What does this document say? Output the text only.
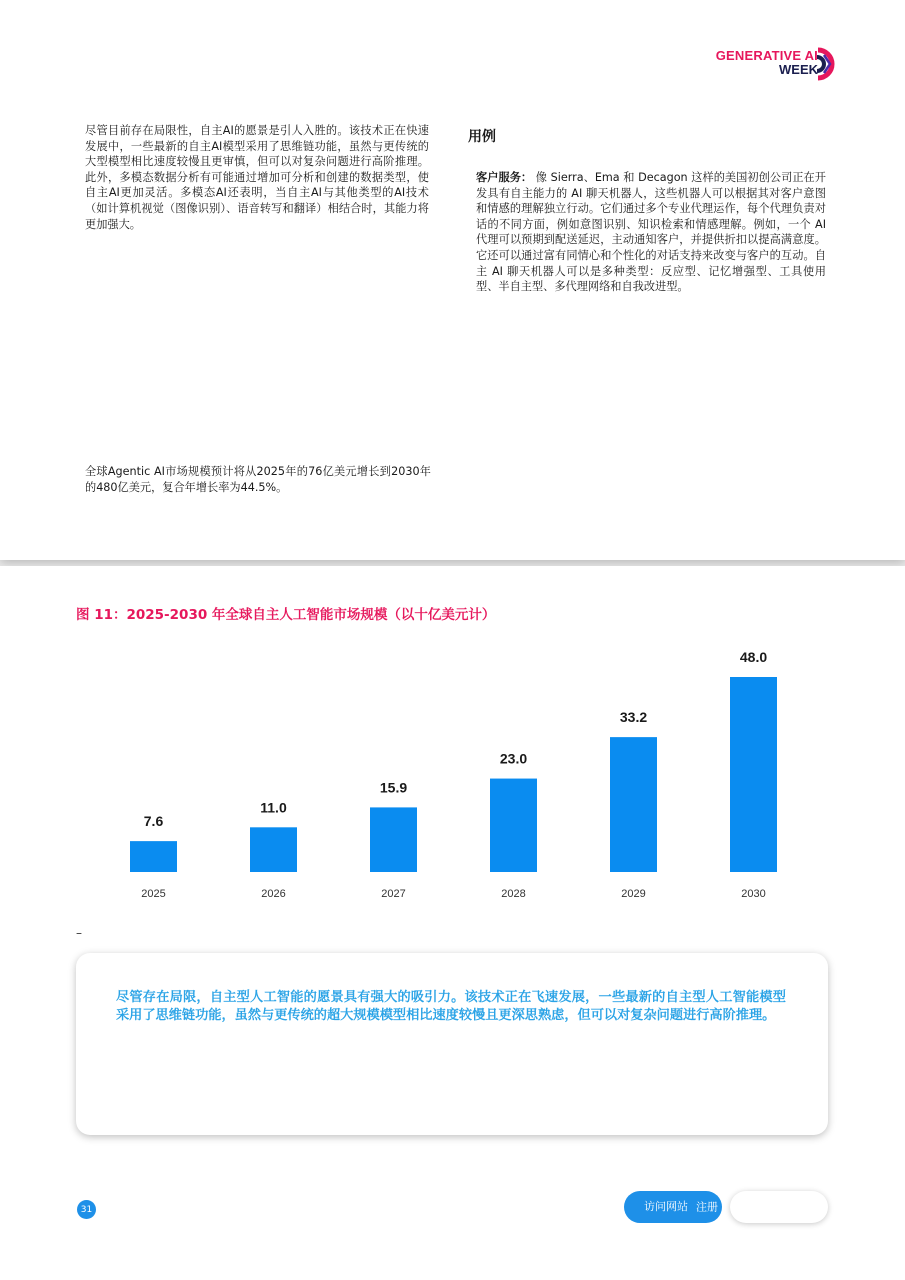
GENERATIVE AI
WEEK

尽管目前存在局限性，自主AI的愿景是引人入胜的。该技术正在快速发展中，一些最新的自主AI模型采用了思维链功能，虽然与更传统的大型模型相比速度较慢且更审慎，但可以对复杂问题进行高阶推理。此外，多模态数据分析有可能通过增加可分析和创建的数据类型，使自主AI更加灵活。多模态AI还表明，当自主AI与其他类型的AI技术（如计算机视觉（图像识别）、语音转写和翻译）相结合时，其能力将更加强大。

全球Agentic AI市场规模预计将从2025年的76亿美元增长到2030年的480亿美元，复合年增长率为44.5%。

用例

客户服务： 像 Sierra、Ema 和 Decagon 这样的美国初创公司正在开发具有自主能力的 AI 聊天机器人，这些机器人可以根据其对客户意图和情感的理解独立行动。它们通过多个专业代理运作，每个代理负责对话的不同方面，例如意图识别、知识检索和情感理解。例如，一个 AI 代理可以预期到配送延迟，主动通知客户，并提供折扣以提高满意度。它还可以通过富有同情心和个性化的对话支持来改变与客户的互动。自主 AI 聊天机器人可以是多种类型：反应型、记忆增强型、工具使用型、半自主型、多代理网络和自我改进型。

图 11：2025-2030 年全球自主人工智能市场规模（以十亿美元计）
7.6
2025
11.0
2026
15.9
2027
23.0
2028
33.2
2029
48.0
2030
–

尽管存在局限，自主型人工智能的愿景具有强大的吸引力。该技术正在飞速发展，一些最新的自主型人工智能模型采用了思维链功能，虽然与更传统的超大规模模型相比速度较慢且更深思熟虑，但可以对复杂问题进行高阶推理。

31	访问网站 注册
